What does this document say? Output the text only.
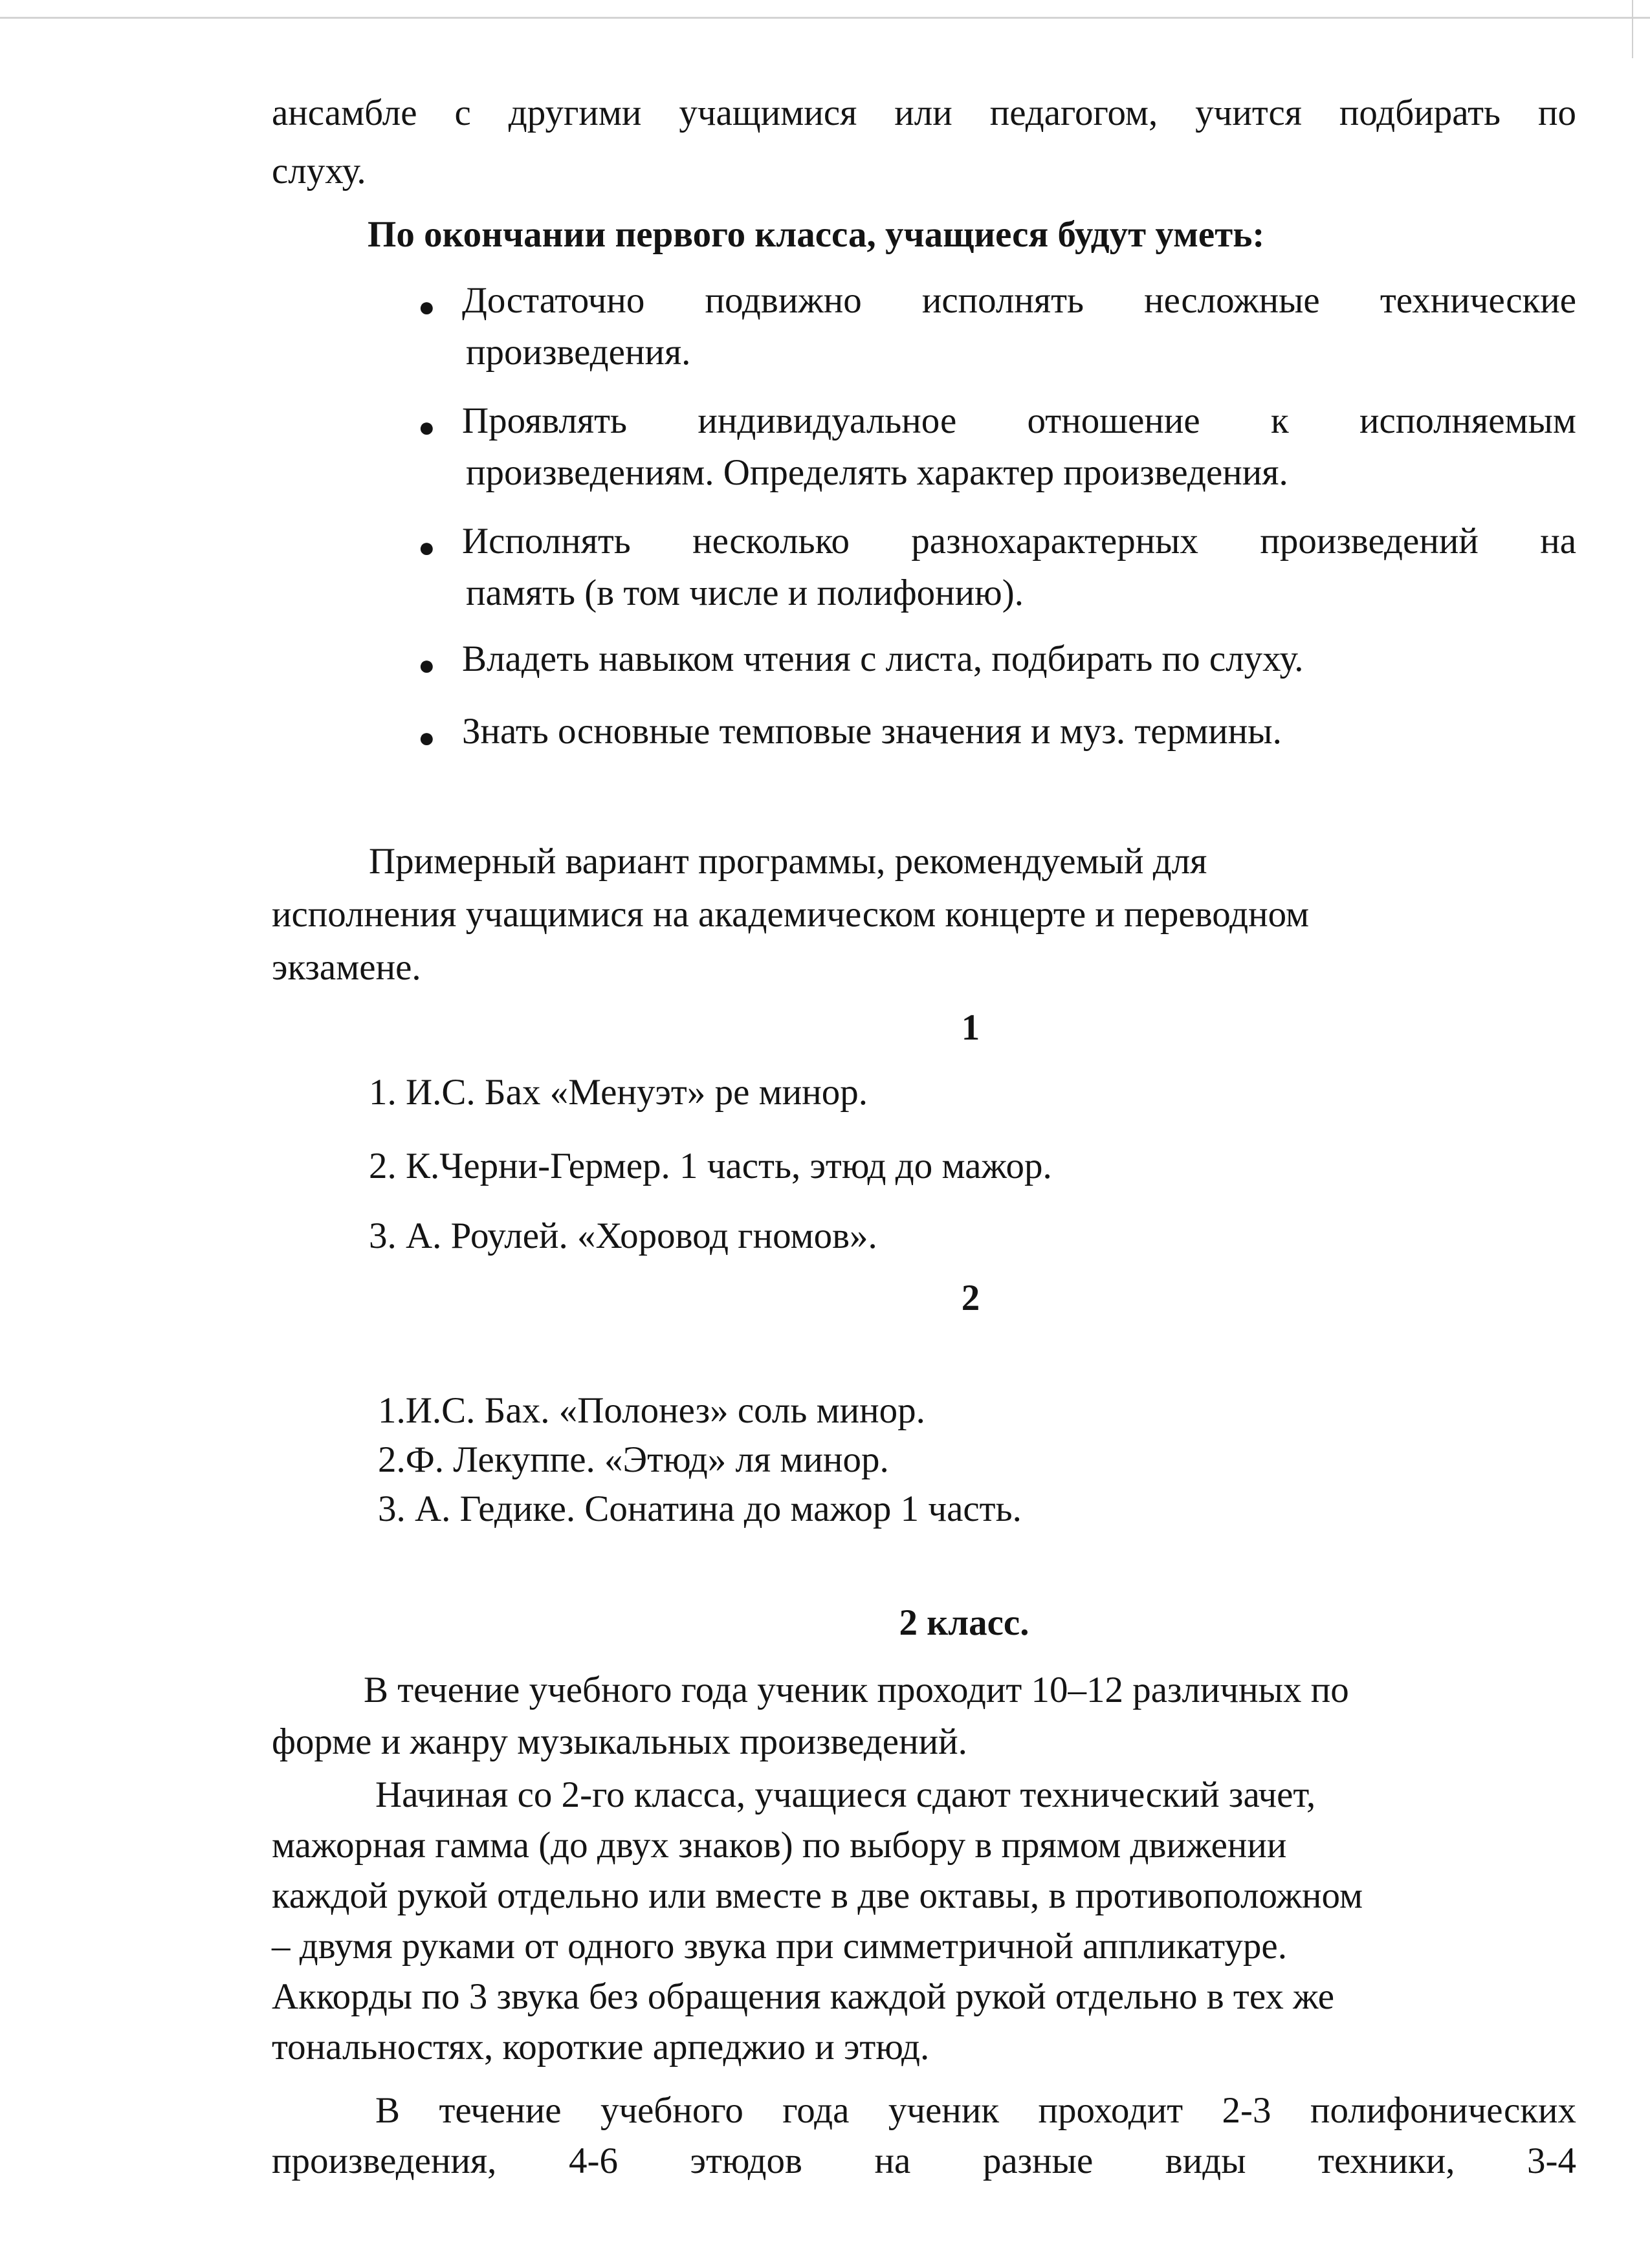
ансамбле с другими учащимися или педагогом, учится подбирать по

слуху.

По окончании первого класса, учащиеся будут уметь:

● Достаточно подвижно исполнять несложные технические

произведения.

● Проявлять индивидуальное отношение к исполняемым

произведениям. Определять характер произведения.

● Исполнять несколько разнохарактерных произведений на

память (в том числе и полифонию).

● Владеть навыком чтения с листа, подбирать по слуху.

● Знать основные темповые значения и муз. термины.

Примерный вариант программы, рекомендуемый для

исполнения учащимися на академическом концерте и переводном

экзамене.

1

1. И.С. Бах «Менуэт» ре минор.

2. К.Черни-Гермер. 1 часть, этюд до мажор.

3. А. Роулей. «Хоровод гномов».

2

1.И.С. Бах. «Полонез» соль минор.

2.Ф. Лекуппе. «Этюд» ля минор.

3. А. Гедике. Сонатина до мажор 1 часть.

2 класс.

В течение учебного года ученик проходит 10–12 различных по

форме и жанру музыкальных произведений.

Начиная со 2-го класса, учащиеся сдают технический зачет,

мажорная гамма (до двух знаков) по выбору в прямом движении

каждой рукой отдельно или вместе в две октавы, в противоположном

– двумя руками от одного звука при симметричной аппликатуре.

Аккорды по 3 звука без обращения каждой рукой отдельно в тех же

тональностях, короткие арпеджио и этюд.

В течение учебного года ученик проходит 2-3 полифонических

произведения, 4-6 этюдов на разные виды техники, 3-4
